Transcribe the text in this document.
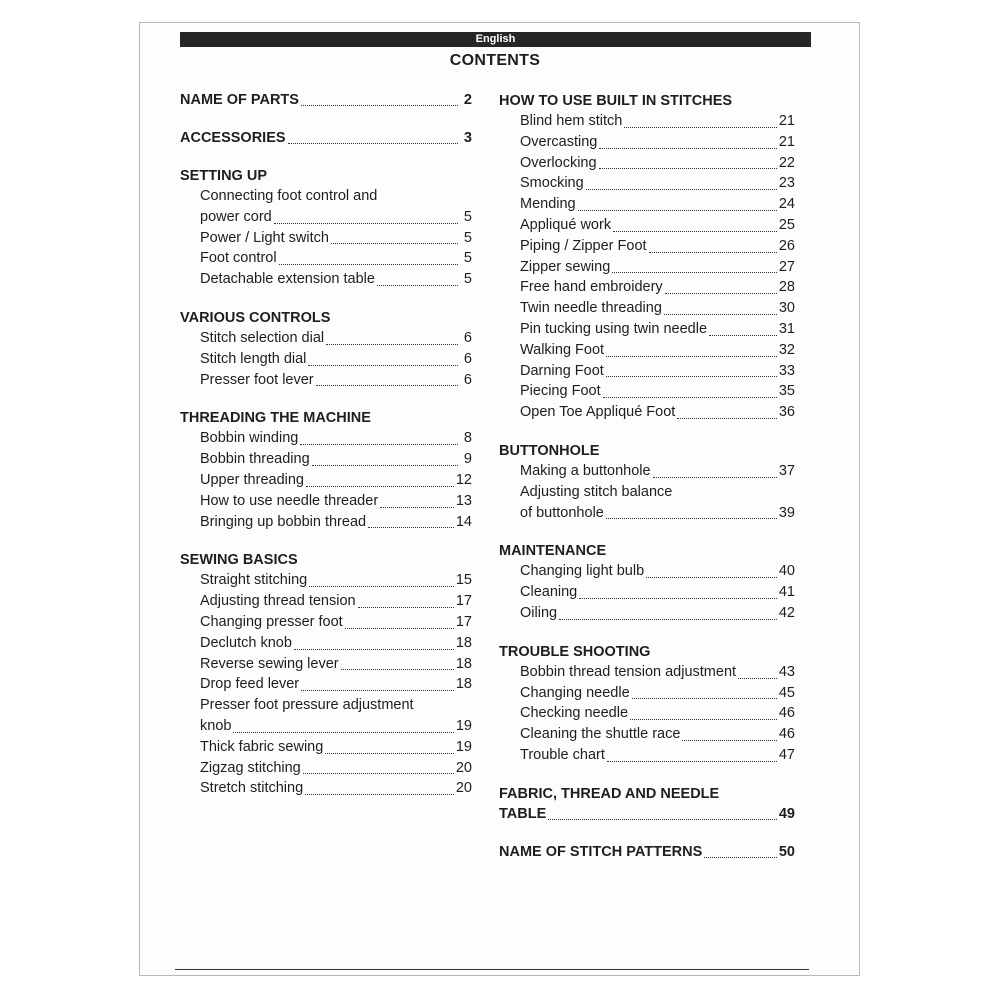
English
CONTENTS
NAME OF PARTS	2
ACCESSORIES	3
SETTING UP
Connecting foot control and
power cord	5
Power / Light switch	5
Foot control	5
Detachable extension table	5
VARIOUS CONTROLS
Stitch selection dial	6
Stitch length dial	6
Presser foot lever	6
THREADING THE MACHINE
Bobbin winding	8
Bobbin threading	9
Upper threading	12
How to use needle threader	13
Bringing up bobbin thread	14
SEWING BASICS
Straight stitching	15
Adjusting thread tension	17
Changing presser foot	17
Declutch knob	18
Reverse sewing lever	18
Drop feed lever	18
Presser foot pressure adjustment
knob	19
Thick fabric sewing	19
Zigzag stitching	20
Stretch stitching	20
HOW TO USE BUILT IN STITCHES
Blind hem stitch	21
Overcasting	21
Overlocking	22
Smocking	23
Mending	24
Appliqué work	25
Piping / Zipper Foot	26
Zipper sewing	27
Free hand embroidery	28
Twin needle threading	30
Pin tucking using twin needle	31
Walking Foot	32
Darning Foot	33
Piecing Foot	35
Open Toe Appliqué Foot	36
BUTTONHOLE
Making a buttonhole	37
Adjusting stitch balance
of buttonhole	39
MAINTENANCE
Changing light bulb	40
Cleaning	41
Oiling	42
TROUBLE SHOOTING
Bobbin thread tension adjustment	43
Changing needle	45
Checking needle	46
Cleaning the shuttle race	46
Trouble chart	47
FABRIC, THREAD AND NEEDLE
TABLE	49
NAME OF STITCH PATTERNS	50
